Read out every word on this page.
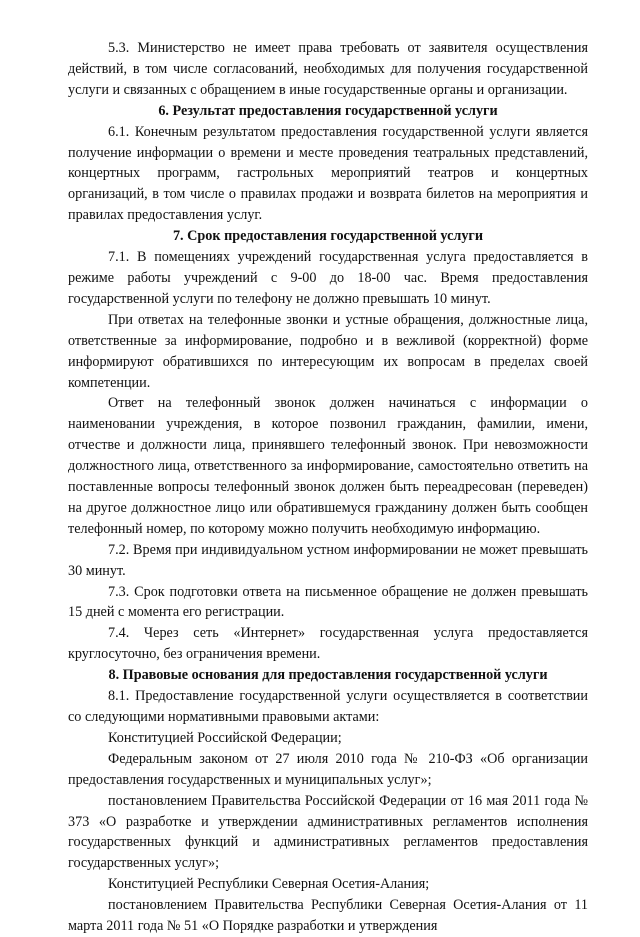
5.3. Министерство не имеет права требовать от заявителя осуществления действий, в том числе согласований, необходимых для получения государственной услуги и связанных с обращением в иные государственные органы и организации.

6. Результат предоставления государственной услуги

6.1. Конечным результатом предоставления государственной услуги является получение информации о времени и месте проведения театральных представлений, концертных программ, гастрольных мероприятий театров и концертных организаций, в том числе о правилах продажи и возврата билетов на мероприятия и правилах предоставления услуг.

7. Срок предоставления государственной услуги

7.1. В помещениях учреждений государственная услуга предоставляется в режиме работы учреждений с 9-00 до 18-00 час. Время предоставления государственной услуги по телефону не должно превышать 10 минут.

При ответах на телефонные звонки и устные обращения, должностные лица, ответственные за информирование, подробно и в вежливой (корректной) форме информируют обратившихся по интересующим их вопросам в пределах своей компетенции.

Ответ на телефонный звонок должен начинаться с информации о наименовании учреждения, в которое позвонил гражданин, фамилии, имени, отчестве и должности лица, принявшего телефонный звонок. При невозможности должностного лица, ответственного за информирование, самостоятельно ответить на поставленные вопросы телефонный звонок должен быть переадресован (переведен) на другое должностное лицо или обратившемуся гражданину должен быть сообщен телефонный номер, по которому можно получить необходимую информацию.

7.2. Время при индивидуальном устном информировании не может превышать 30 минут.

7.3. Срок подготовки ответа на письменное обращение не должен превышать 15 дней с момента его регистрации.

7.4. Через сеть «Интернет» государственная услуга предоставляется круглосуточно, без ограничения времени.

8. Правовые основания для предоставления государственной услуги

8.1. Предоставление государственной услуги осуществляется в соответствии со следующими нормативными правовыми актами:

Конституцией Российской Федерации;

Федеральным законом от 27 июля 2010 года № 210-ФЗ «Об организации предоставления государственных и муниципальных услуг»;

постановлением Правительства Российской Федерации от 16 мая 2011 года № 373 «О разработке и утверждении административных регламентов исполнения государственных функций и административных регламентов предоставления государственных услуг»;

Конституцией Республики Северная Осетия-Алания;

постановлением Правительства Республики Северная Осетия-Алания от 11 марта 2011 года № 51 «О Порядке разработки и утверждения
